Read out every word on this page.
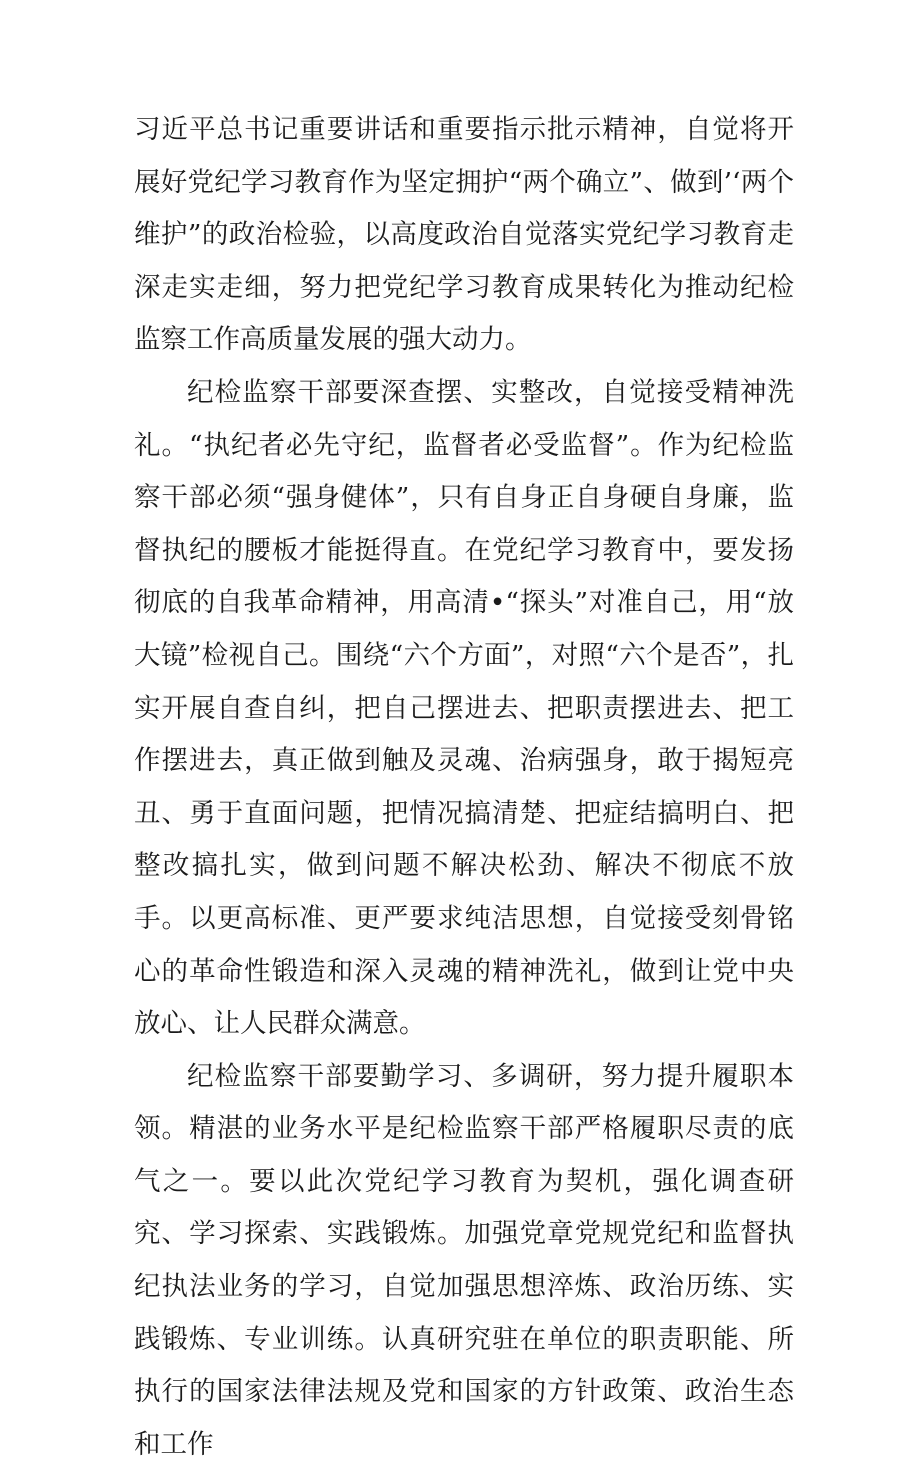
习近平总书记重要讲话和重要指示批示精神，自觉将开展好党纪学习教育作为坚定拥护“两个确立”、做到’‘两个维护”的政治检验，以高度政治自觉落实党纪学习教育走深走实走细，努力把党纪学习教育成果转化为推动纪检监察工作高质量发展的强大动力。

纪检监察干部要深查摆、实整改，自觉接受精神洗礼。“执纪者必先守纪，监督者必受监督”。作为纪检监察干部必须“强身健体”，只有自身正自身硬自身廉，监督执纪的腰板才能挺得直。在党纪学习教育中，要发扬彻底的自我革命精神，用高清•“探头”对准自己，用“放大镜”检视自己。围绕“六个方面”，对照“六个是否”，扎实开展自查自纠，把自己摆进去、把职责摆进去、把工作摆进去，真正做到触及灵魂、治病强身，敢于揭短亮丑、勇于直面问题，把情况搞清楚、把症结搞明白、把整改搞扎实，做到问题不解决松劲、解决不彻底不放手。以更高标准、更严要求纯洁思想，自觉接受刻骨铭心的革命性锻造和深入灵魂的精神洗礼，做到让党中央放心、让人民群众满意。

纪检监察干部要勤学习、多调研，努力提升履职本领。精湛的业务水平是纪检监察干部严格履职尽责的底气之一。要以此次党纪学习教育为契机，强化调查研究、学习探索、实践锻炼。加强党章党规党纪和监督执纪执法业务的学习，自觉加强思想淬炼、政治历练、实践锻炼、专业训练。认真研究驻在单位的职责职能、所执行的国家法律法规及党和国家的方针政策、政治生态和工作
